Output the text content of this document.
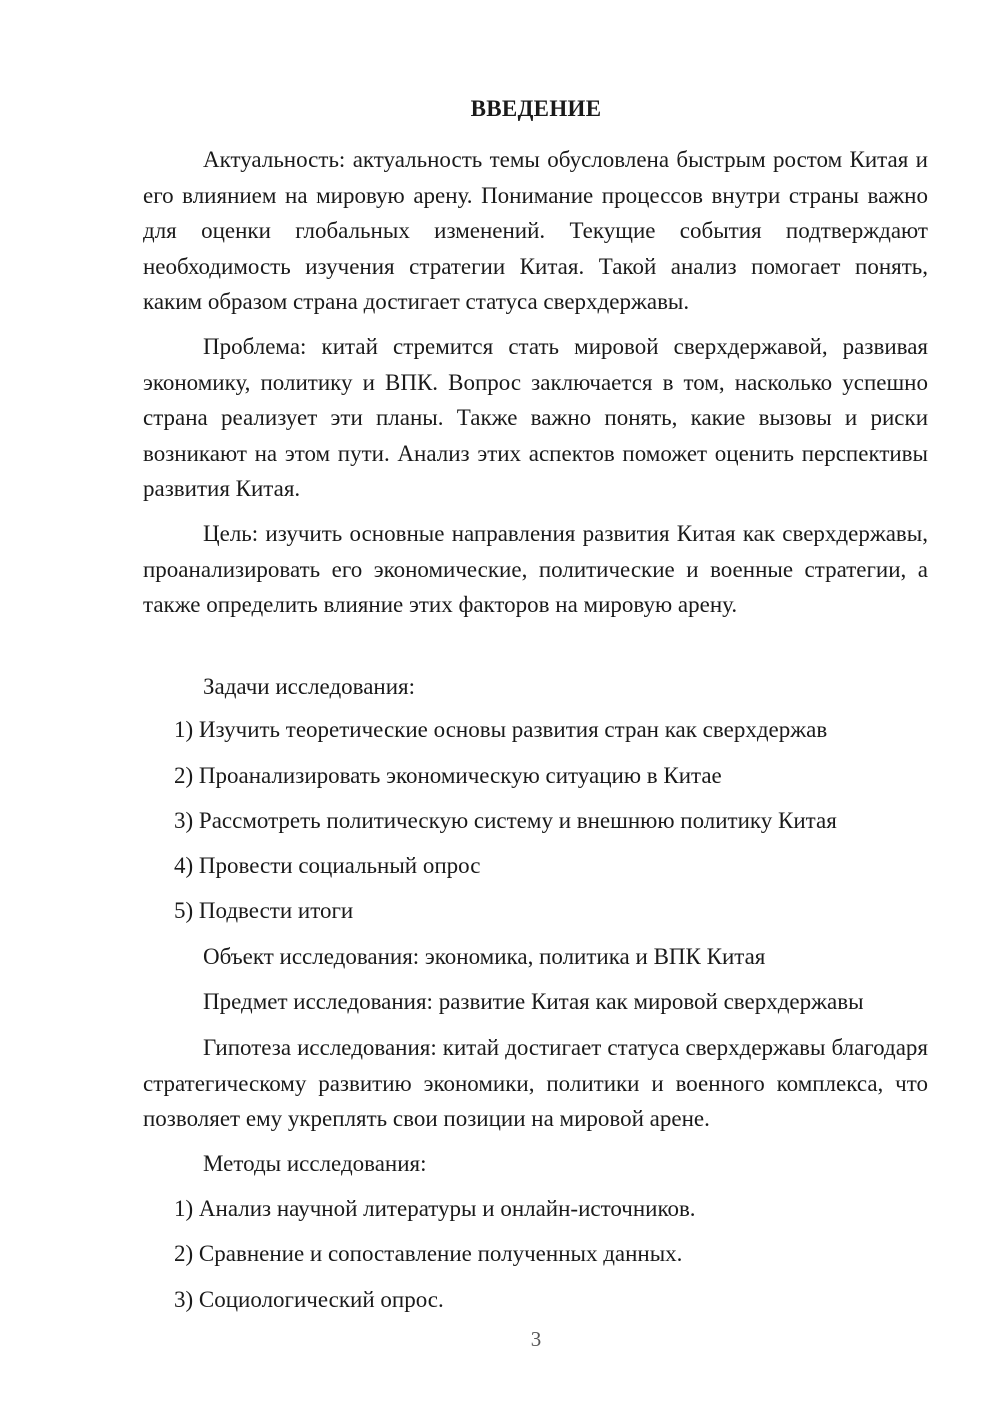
ВВЕДЕНИЕ

Актуальность: актуальность темы обусловлена быстрым ростом Китая и его влиянием на мировую арену. Понимание процессов внутри страны важно для оценки глобальных изменений. Текущие события подтверждают необходимость изучения стратегии Китая. Такой анализ помогает понять, каким образом страна достигает статуса сверхдержавы.

Проблема: китай стремится стать мировой сверхдержавой, развивая экономику, политику и ВПК. Вопрос заключается в том, насколько успешно страна реализует эти планы. Также важно понять, какие вызовы и риски возникают на этом пути. Анализ этих аспектов поможет оценить перспективы развития Китая.

Цель: изучить основные направления развития Китая как сверхдержавы, проанализировать его экономические, политические и военные стратегии, а также определить влияние этих факторов на мировую арену.

Задачи исследования:

1) Изучить теоретические основы развития стран как сверхдержав

2) Проанализировать экономическую ситуацию в Китае

3) Рассмотреть политическую систему и внешнюю политику Китая

4) Провести социальный опрос

5) Подвести итоги

Объект исследования: экономика, политика и ВПК Китая

Предмет исследования: развитие Китая как мировой сверхдержавы

Гипотеза исследования: китай достигает статуса сверхдержавы благодаря стратегическому развитию экономики, политики и военного комплекса, что позволяет ему укреплять свои позиции на мировой арене.

Методы исследования:

1) Анализ научной литературы и онлайн-источников.

2) Сравнение и сопоставление полученных данных.

3) Социологический опрос.

3
